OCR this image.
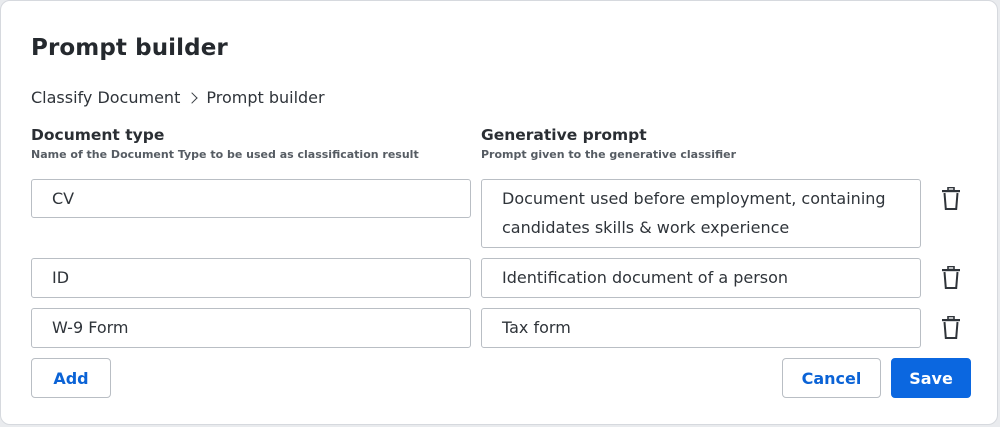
Prompt builder
Classify Document Prompt builder
Document type
Name of the Document Type to be used as classification result
Generative prompt
Prompt given to the generative classifier
CV	Document used before employment, containing
candidates skills & work experience
ID	Identification document of a person
W-9 Form	Tax form
Add	Cancel	Save
